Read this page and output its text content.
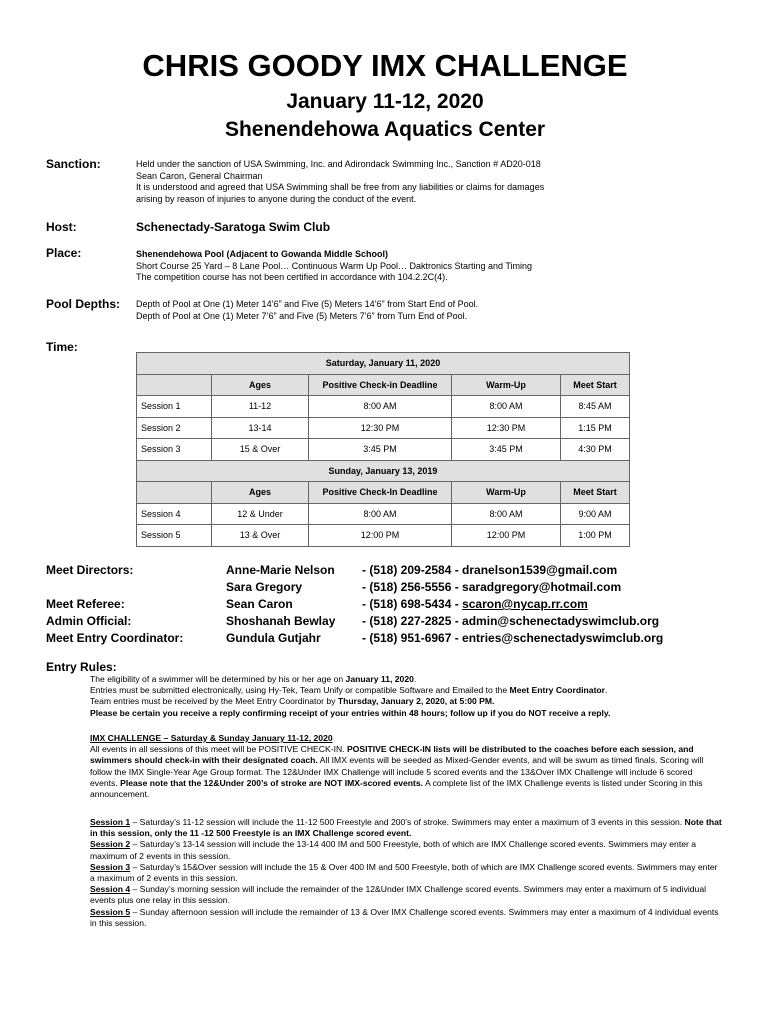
CHRIS GOODY IMX CHALLENGE
January 11-12, 2020
Shenendehowa Aquatics Center
Sanction:	Held under the sanction of USA Swimming, Inc. and Adirondack Swimming Inc., Sanction # AD20-018
Sean Caron, General Chairman
It is understood and agreed that USA Swimming shall be free from any liabilities or claims for damages
arising by reason of injuries to anyone during the conduct of the event.
Host:	Schenectady-Saratoga Swim Club
Place:	Shenendehowa Pool (Adjacent to Gowanda Middle School)
Short Course 25 Yard – 8 Lane Pool… Continuous Warm Up Pool… Daktronics Starting and Timing
The competition course has not been certified in accordance with 104.2.2C(4).
Pool Depths: Depth of Pool at One (1) Meter 14’6” and Five (5) Meters 14’6” from Start End of Pool.
Depth of Pool at One (1) Meter 7’6” and Five (5) Meters 7’6” from Turn End of Pool.
Time:
Saturday, January 11, 2020				
	Ages	Positive Check-in Deadline	Warm-Up	Meet Start
Session 1	11-12	8:00 AM	8:00 AM	8:45 AM
Session 2	13-14	12:30 PM	12:30 PM	1:15 PM
Session 3	15 & Over	3:45 PM	3:45 PM	4:30 PM
Sunday, January 13, 2019				
	Ages	Positive Check-In Deadline	Warm-Up	Meet Start
Session 4	12 & Under	8:00 AM	8:00 AM	9:00 AM
Session 5	13 & Over	12:00 PM	12:00 PM	1:00 PM
Meet Directors:	Anne-Marie Nelson - (518) 209-2584 - dranelson1539@gmail.com
Sara Gregory	- (518) 256-5556 - saradgregory@hotmail.com
Meet Referee:	Sean Caron	- (518) 698-5434 - scaron@nycap.rr.com
Admin Official:	Shoshanah Bewlay - (518) 227-2825 - admin@schenectadyswimclub.org
Meet Entry Coordinator:	Gundula Gutjahr	- (518) 951-6967 - entries@schenectadyswimclub.org
Entry Rules:

The eligibility of a swimmer will be determined by his or her age on January 11, 2020.

Entries must be submitted electronically, using Hy-Tek, Team Unify or compatible Software and Emailed to the Meet Entry Coordinator.

Team entries must be received by the Meet Entry Coordinator by Thursday, January 2, 2020, at 5:00 PM.

Please be certain you receive a reply confirming receipt of your entries within 48 hours; follow up if you do NOT receive a reply.

IMX CHALLENGE – Saturday & Sunday January 11-12, 2020

All events in all sessions of this meet will be POSITIVE CHECK-IN. POSITIVE CHECK-IN lists will be distributed to the coaches before each session, and swimmers should check-in with their designated coach. All IMX events will be seeded as Mixed-Gender events, and will be swum as timed finals. Scoring will follow the IMX Single-Year Age Group format. The 12&Under IMX Challenge will include 5 scored events and the 13&Over IMX Challenge will include 6 scored events. Please note that the 12&Under 200’s of stroke are NOT IMX-scored events. A complete list of the IMX Challenge events is listed under Scoring in this announcement.

Session 1 – Saturday’s 11-12 session will include the 11-12 500 Freestyle and 200’s of stroke. Swimmers may enter a maximum of 3 events in this session. Note that in this session, only the 11 -12 500 Freestyle is an IMX Challenge scored event.

Session 2 – Saturday’s 13-14 session will include the 13-14 400 IM and 500 Freestyle, both of which are IMX Challenge scored events. Swimmers may enter a maximum of 2 events in this session.

Session 3 – Saturday’s 15&Over session will include the 15 & Over 400 IM and 500 Freestyle, both of which are IMX Challenge scored events. Swimmers may enter a maximum of 2 events in this session.

Session 4 – Sunday’s morning session will include the remainder of the 12&Under IMX Challenge scored events. Swimmers may enter a maximum of 5 individual events plus one relay in this session.

Session 5 – Sunday afternoon session will include the remainder of 13 & Over IMX Challenge scored events. Swimmers may enter a maximum of 4 individual events in this session.
